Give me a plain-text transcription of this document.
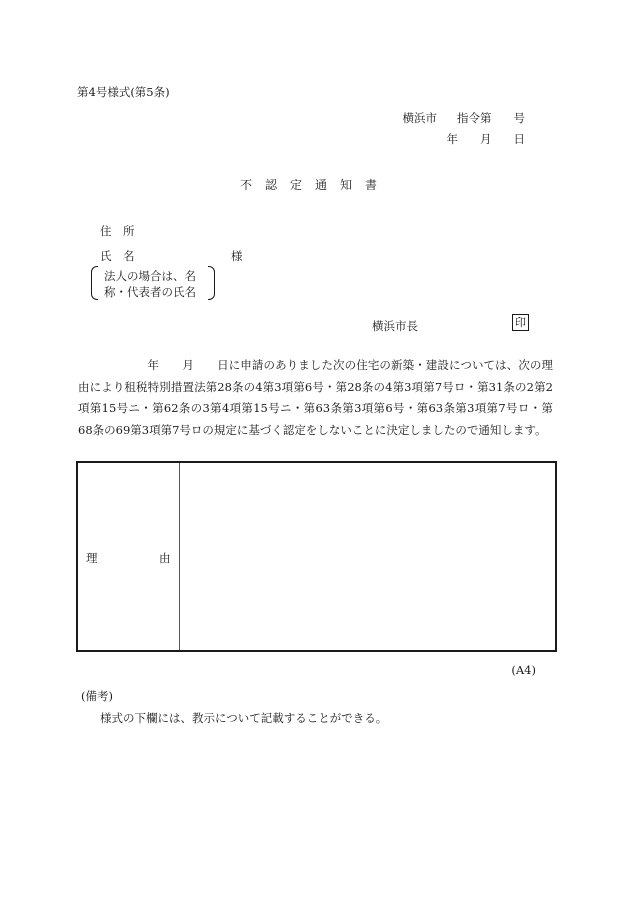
第4号様式(第5条)
横浜市 指令第 号
年 月 日
不認定通知書
住　所
氏　名	様
法人の場合は、名
称・代表者の氏名
横浜市長	印
　　　　　　年　　月　　日に申請のありました次の住宅の新築・建設については、次の理由により租税特別措置法第28条の4第3項第6号・第28条の4第3項第7号ロ・第31条の2第2項第15号ニ・第62条の3第4項第15号ニ・第63条第3項第6号・第63条第3項第7号ロ・第68条の69第3項第7号ロの規定に基づく認定をしないことに決定しましたので通知します。
理	由
(A4)
(備考)
様式の下欄には、教示について記載することができる。
